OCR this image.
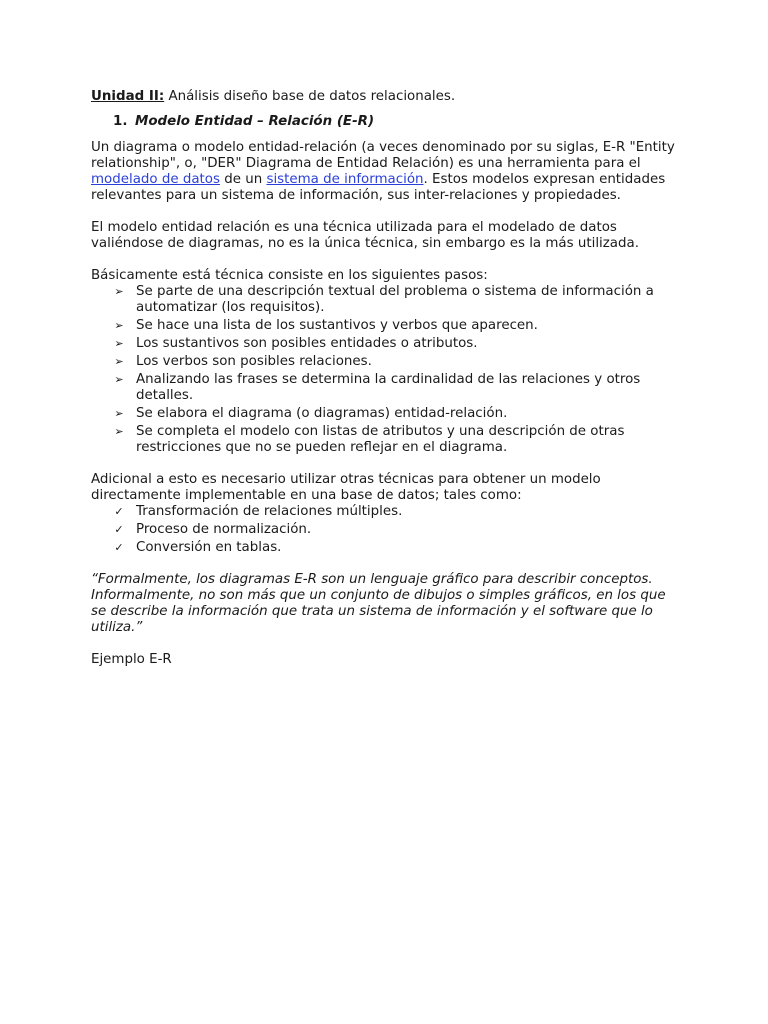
Unidad II: Análisis diseño base de datos relacionales.

1. Modelo Entidad – Relación (E-R)

Un diagrama o modelo entidad-relación (a veces denominado por su siglas, E-R "Entity relationship", o, "DER" Diagrama de Entidad Relación) es una herramienta para el modelado de datos de un sistema de información. Estos modelos expresan entidades relevantes para un sistema de información, sus inter-relaciones y propiedades.

El modelo entidad relación es una técnica utilizada para el modelado de datos valiéndose de diagramas, no es la única técnica, sin embargo es la más utilizada.

Básicamente está técnica consiste en los siguientes pasos:

➢ Se parte de una descripción textual del problema o sistema de información a automatizar (los requisitos).
➢ Se hace una lista de los sustantivos y verbos que aparecen.
➢ Los sustantivos son posibles entidades o atributos.
➢ Los verbos son posibles relaciones.
➢ Analizando las frases se determina la cardinalidad de las relaciones y otros detalles.
➢ Se elabora el diagrama (o diagramas) entidad-relación.
➢ Se completa el modelo con listas de atributos y una descripción de otras restricciones que no se pueden reflejar en el diagrama.

Adicional a esto es necesario utilizar otras técnicas para obtener un modelo directamente implementable en una base de datos; tales como:

✓ Transformación de relaciones múltiples.
✓ Proceso de normalización.
✓ Conversión en tablas.

“Formalmente, los diagramas E-R son un lenguaje gráfico para describir conceptos. Informalmente, no son más que un conjunto de dibujos o simples gráficos, en los que se describe la información que trata un sistema de información y el software que lo utiliza.”

Ejemplo E-R
